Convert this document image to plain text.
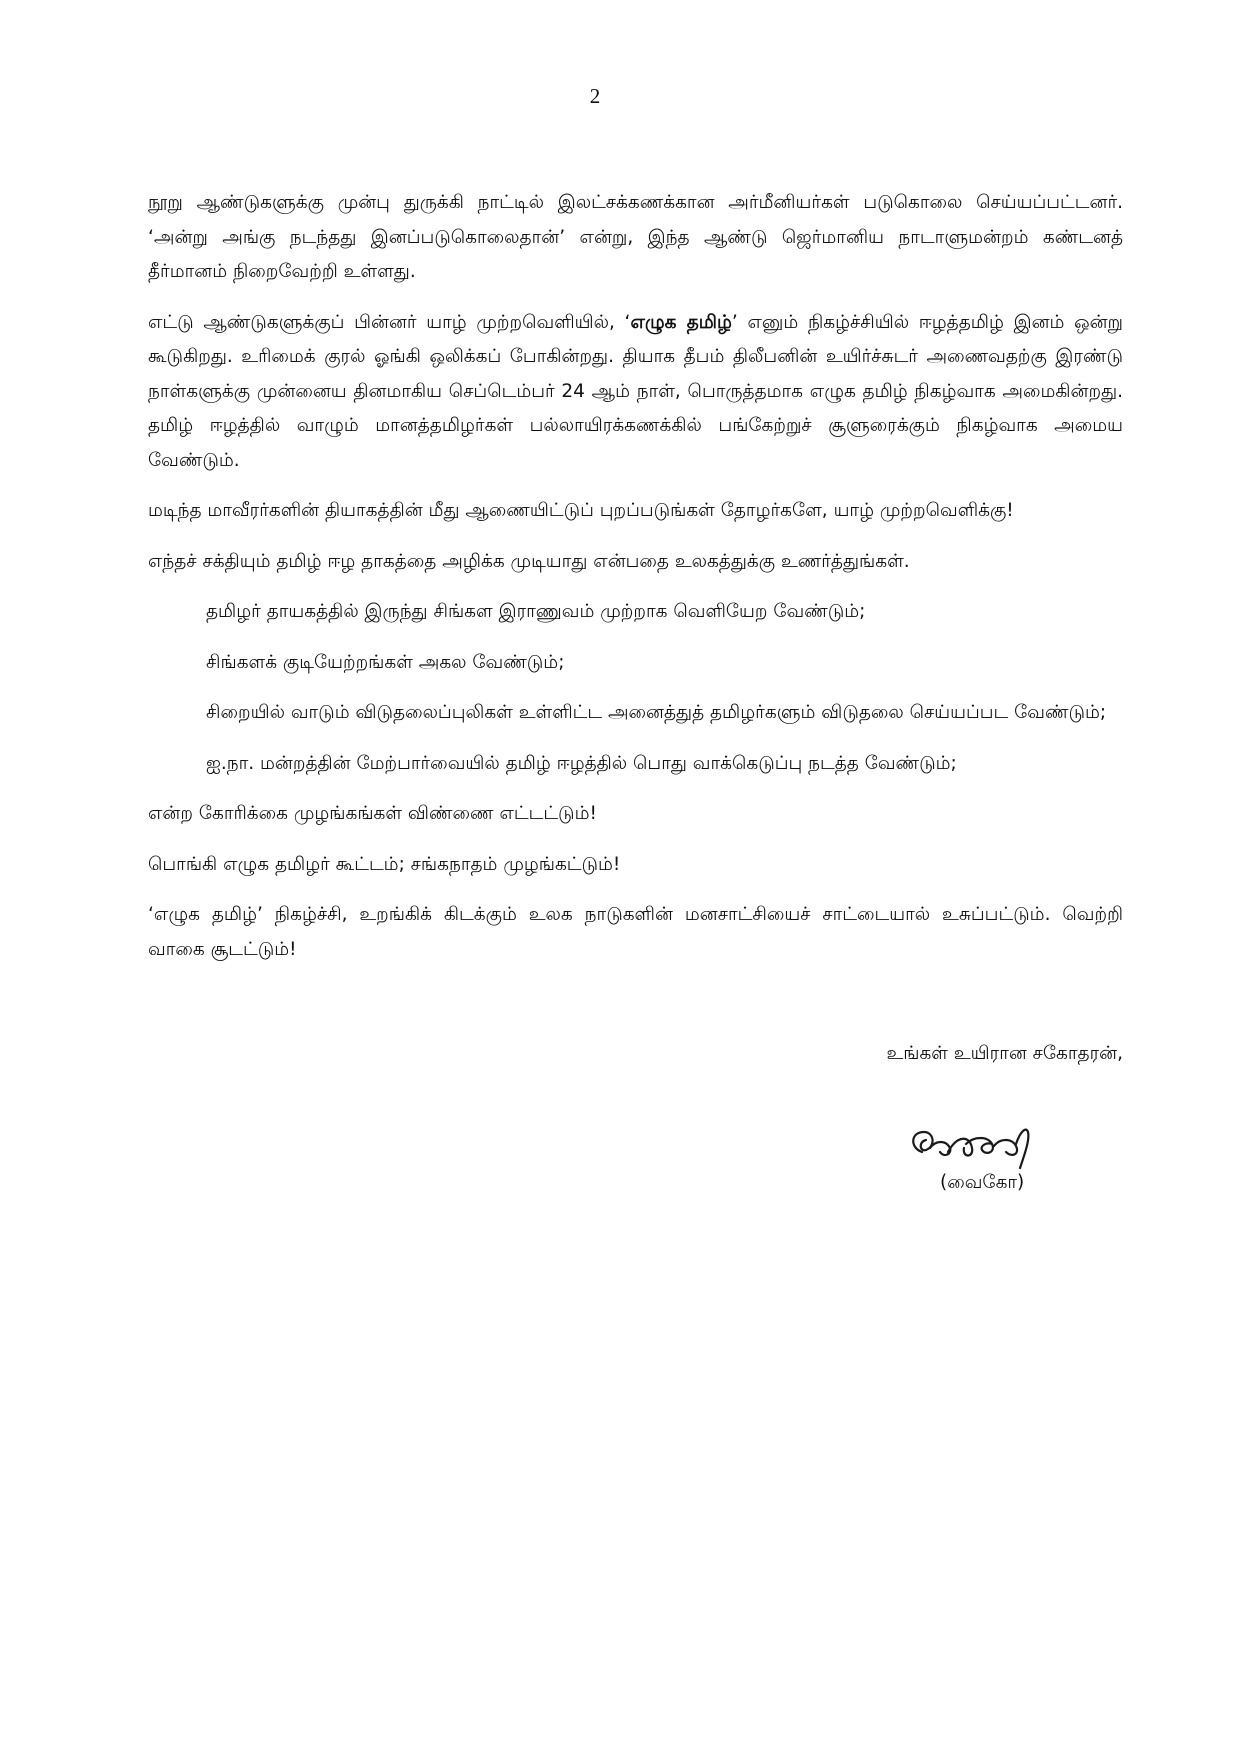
2

நூறு ஆண்டுகளுக்கு முன்பு துருக்கி நாட்டில் இலட்சக்கணக்கான அர்மீனியர்கள் படுகொலை செய்யப்பட்டனர். ‘அன்று அங்கு நடந்தது இனப்படுகொலைதான்’ என்று, இந்த ஆண்டு ஜெர்மானிய நாடாளுமன்றம் கண்டனத் தீர்மானம் நிறைவேற்றி உள்ளது.

எட்டு ஆண்டுகளுக்குப் பின்னர் யாழ் முற்றவெளியில், ‘எழுக தமிழ்’ எனும் நிகழ்ச்சியில் ஈழத்தமிழ் இனம் ஒன்று கூடுகிறது. உரிமைக் குரல் ஓங்கி ஒலிக்கப் போகின்றது. தியாக தீபம் திலீபனின் உயிர்ச்சுடர் அணைவதற்கு இரண்டு நாள்களுக்கு முன்னைய தினமாகிய செப்டெம்பர் 24 ஆம் நாள், பொருத்தமாக எழுக தமிழ் நிகழ்வாக அமைகின்றது. தமிழ் ஈழத்தில் வாழும் மானத்தமிழர்கள் பல்லாயிரக்கணக்கில் பங்கேற்றுச் சூளுரைக்கும் நிகழ்வாக அமைய வேண்டும்.

மடிந்த மாவீரர்களின் தியாகத்தின் மீது ஆணையிட்டுப் புறப்படுங்கள் தோழர்களே, யாழ் முற்றவெளிக்கு!

எந்தச் சக்தியும் தமிழ் ஈழ தாகத்தை அழிக்க முடியாது என்பதை உலகத்துக்கு உணர்த்துங்கள்.

தமிழர் தாயகத்தில் இருந்து சிங்கள இராணுவம் முற்றாக வெளியேற வேண்டும்;

சிங்களக் குடியேற்றங்கள் அகல வேண்டும்;

சிறையில் வாடும் விடுதலைப்புலிகள் உள்ளிட்ட அனைத்துத் தமிழர்களும் விடுதலை செய்யப்பட வேண்டும்;

ஐ.நா. மன்றத்தின் மேற்பார்வையில் தமிழ் ஈழத்தில் பொது வாக்கெடுப்பு நடத்த வேண்டும்;

என்ற கோரிக்கை முழங்கங்கள் விண்ணை எட்டட்டும்!

பொங்கி எழுக தமிழர் கூட்டம்; சங்கநாதம் முழங்கட்டும்!

‘எழுக தமிழ்’ நிகழ்ச்சி, உறங்கிக் கிடக்கும் உலக நாடுகளின் மனசாட்சியைச் சாட்டையால் உசுப்பட்டும். வெற்றி வாகை சூடட்டும்!

உங்கள் உயிரான சகோதரன்,
(வைகோ)
